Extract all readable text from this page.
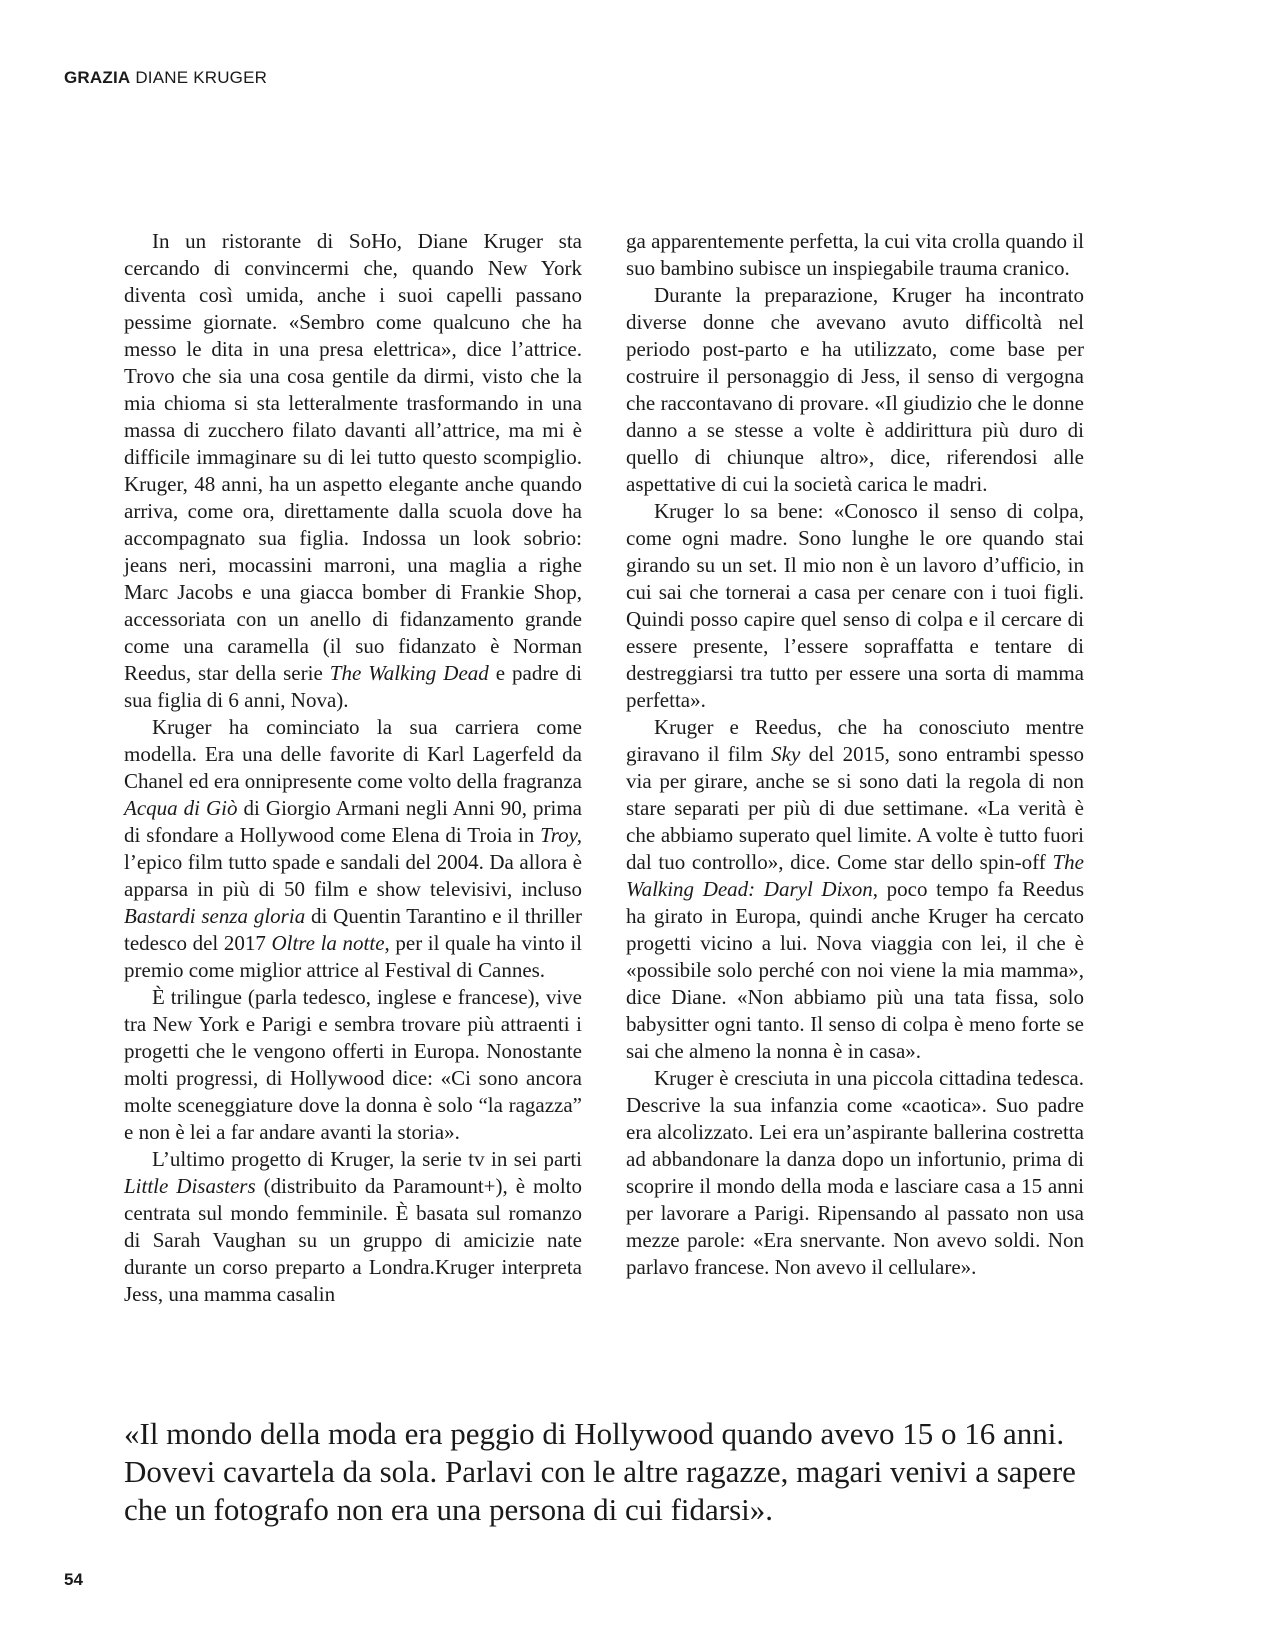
GRAZIA DIANE KRUGER

In un ristorante di SoHo, Diane Kruger sta cercando di convincermi che, quando New York diventa così umida, anche i suoi capelli passano pessime giornate. «Sembro come qualcuno che ha messo le dita in una presa elettrica», dice l’attrice. Trovo che sia una cosa gentile da dirmi, visto che la mia chioma si sta letteralmente trasformando in una massa di zucchero filato davanti all’attrice, ma mi è difficile immaginare su di lei tutto questo scompiglio. Kruger, 48 anni, ha un aspetto elegante anche quando arriva, come ora, direttamente dalla scuola dove ha accompagnato sua figlia. Indossa un look sobrio: jeans neri, mocassini marroni, una maglia a righe Marc Jacobs e una giacca bomber di Frankie Shop, accessoriata con un anello di fidanzamento grande come una caramella (il suo fidanzato è Norman Reedus, star della serie The Walking Dead e padre di sua figlia di 6 anni, Nova).

Kruger ha cominciato la sua carriera come modella. Era una delle favorite di Karl Lagerfeld da Chanel ed era onnipresente come volto della fragranza Acqua di Giò di Giorgio Armani negli Anni 90, prima di sfondare a Hollywood come Elena di Troia in Troy, l’epico film tutto spade e sandali del 2004. Da allora è apparsa in più di 50 film e show televisivi, incluso Bastardi senza gloria di Quentin Tarantino e il thriller tedesco del 2017 Oltre la notte, per il quale ha vinto il premio come miglior attrice al Festival di Cannes.

È trilingue (parla tedesco, inglese e francese), vive tra New York e Parigi e sembra trovare più attraenti i progetti che le vengono offerti in Europa. Nonostante molti progressi, di Hollywood dice: «Ci sono ancora molte sceneggiature dove la donna è solo “la ragazza” e non è lei a far andare avanti la storia».

L’ultimo progetto di Kruger, la serie tv in sei parti Little Disasters (distribuito da Paramount+), è molto centrata sul mondo femminile. È basata sul romanzo di Sarah Vaughan su un gruppo di amicizie nate durante un corso preparto a Londra.Kruger interpreta Jess, una mamma casalin

ga apparentemente perfetta, la cui vita crolla quando il suo bambino subisce un inspiegabile trauma cranico.

Durante la preparazione, Kruger ha incontrato diverse donne che avevano avuto difficoltà nel periodo post-parto e ha utilizzato, come base per costruire il personaggio di Jess, il senso di vergogna che raccontavano di provare. «Il giudizio che le donne danno a se stesse a volte è addirittura più duro di quello di chiunque altro», dice, riferendosi alle aspettative di cui la società carica le madri.

Kruger lo sa bene: «Conosco il senso di colpa, come ogni madre. Sono lunghe le ore quando stai girando su un set. Il mio non è un lavoro d’ufficio, in cui sai che tornerai a casa per cenare con i tuoi figli. Quindi posso capire quel senso di colpa e il cercare di essere presente, l’essere sopraffatta e tentare di destreggiarsi tra tutto per essere una sorta di mamma perfetta».

Kruger e Reedus, che ha conosciuto mentre giravano il film Sky del 2015, sono entrambi spesso via per girare, anche se si sono dati la regola di non stare separati per più di due settimane. «La verità è che abbiamo superato quel limite. A volte è tutto fuori dal tuo controllo», dice. Come star dello spin-off The Walking Dead: Daryl Dixon, poco tempo fa Reedus ha girato in Europa, quindi anche Kruger ha cercato progetti vicino a lui. Nova viaggia con lei, il che è «possibile solo perché con noi viene la mia mamma», dice Diane. «Non abbiamo più una tata fissa, solo babysitter ogni tanto. Il senso di colpa è meno forte se sai che almeno la nonna è in casa».

Kruger è cresciuta in una piccola cittadina tedesca. Descrive la sua infanzia come «caotica». Suo padre era alcolizzato. Lei era un’aspirante ballerina costretta ad abbandonare la danza dopo un infortunio, prima di scoprire il mondo della moda e lasciare casa a 15 anni per lavorare a Parigi. Ripensando al passato non usa mezze parole: «Era snervante. Non avevo soldi. Non parlavo francese. Non avevo il cellulare».

«Il mondo della moda era peggio di Hollywood quando avevo 15 o 16 anni. Dovevi cavartela da sola. Parlavi con le altre ragazze, magari venivi a sapere che un fotografo non era una persona di cui fidarsi».

54
